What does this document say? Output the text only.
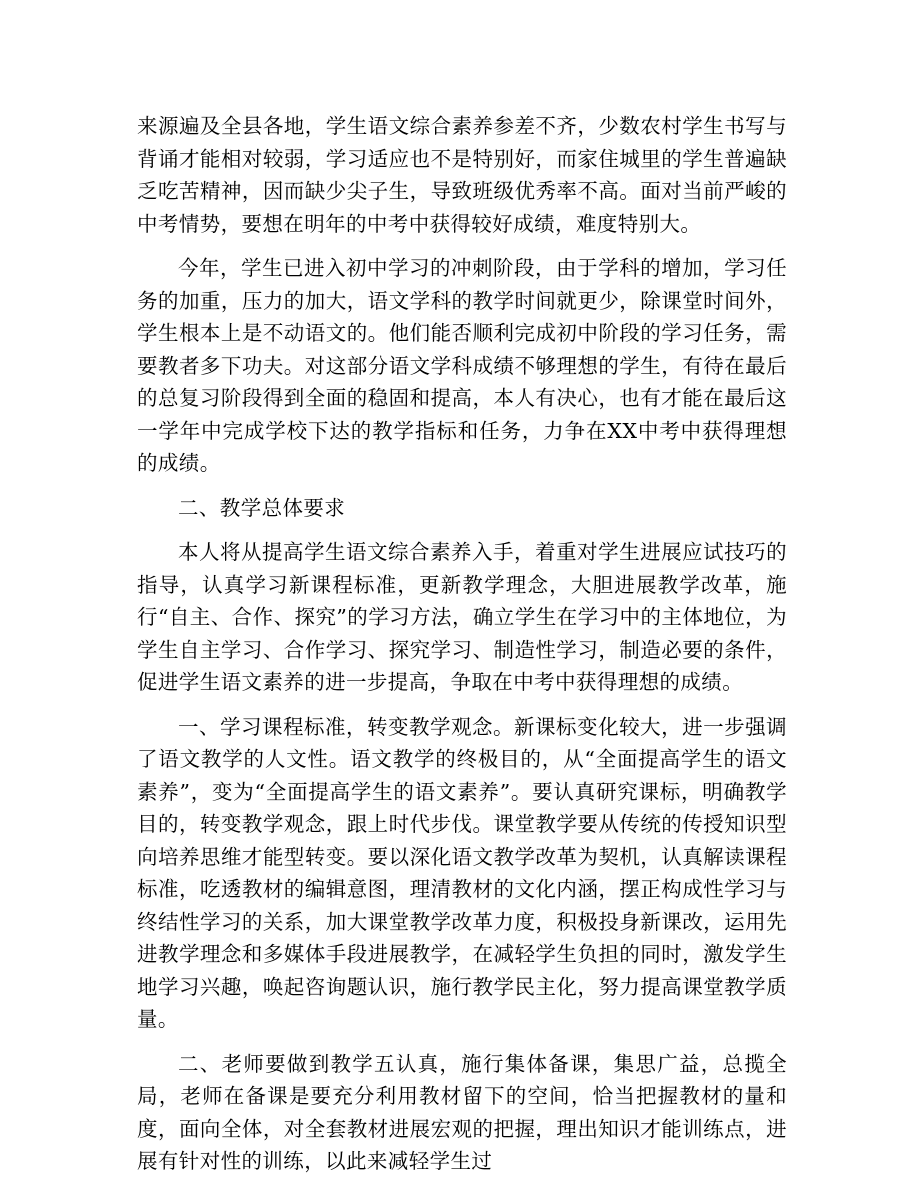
来源遍及全县各地，学生语文综合素养参差不齐，少数农村学生书写与背诵才能相对较弱，学习适应也不是特别好，而家住城里的学生普遍缺乏吃苦精神，因而缺少尖子生，导致班级优秀率不高。面对当前严峻的中考情势，要想在明年的中考中获得较好成绩，难度特别大。

今年，学生已进入初中学习的冲刺阶段，由于学科的增加，学习任务的加重，压力的加大，语文学科的教学时间就更少，除课堂时间外，学生根本上是不动语文的。他们能否顺利完成初中阶段的学习任务，需要教者多下功夫。对这部分语文学科成绩不够理想的学生，有待在最后的总复习阶段得到全面的稳固和提高，本人有决心，也有才能在最后这一学年中完成学校下达的教学指标和任务，力争在XX中考中获得理想的成绩。

二、教学总体要求

本人将从提高学生语文综合素养入手，着重对学生进展应试技巧的指导，认真学习新课程标准，更新教学理念，大胆进展教学改革，施行“自主、合作、探究”的学习方法，确立学生在学习中的主体地位，为学生自主学习、合作学习、探究学习、制造性学习，制造必要的条件，促进学生语文素养的进一步提高，争取在中考中获得理想的成绩。

一、学习课程标准，转变教学观念。新课标变化较大，进一步强调了语文教学的人文性。语文教学的终极目的，从“全面提高学生的语文素养”，变为“全面提高学生的语文素养”。要认真研究课标，明确教学目的，转变教学观念，跟上时代步伐。课堂教学要从传统的传授知识型向培养思维才能型转变。要以深化语文教学改革为契机，认真解读课程标准，吃透教材的编辑意图，理清教材的文化内涵，摆正构成性学习与终结性学习的关系，加大课堂教学改革力度，积极投身新课改，运用先进教学理念和多媒体手段进展教学，在减轻学生负担的同时，激发学生地学习兴趣，唤起咨询题认识，施行教学民主化，努力提高课堂教学质量。

二、老师要做到教学五认真，施行集体备课，集思广益，总揽全局，老师在备课是要充分利用教材留下的空间，恰当把握教材的量和度，面向全体，对全套教材进展宏观的把握，理出知识才能训练点，进展有针对性的训练，以此来减轻学生过
